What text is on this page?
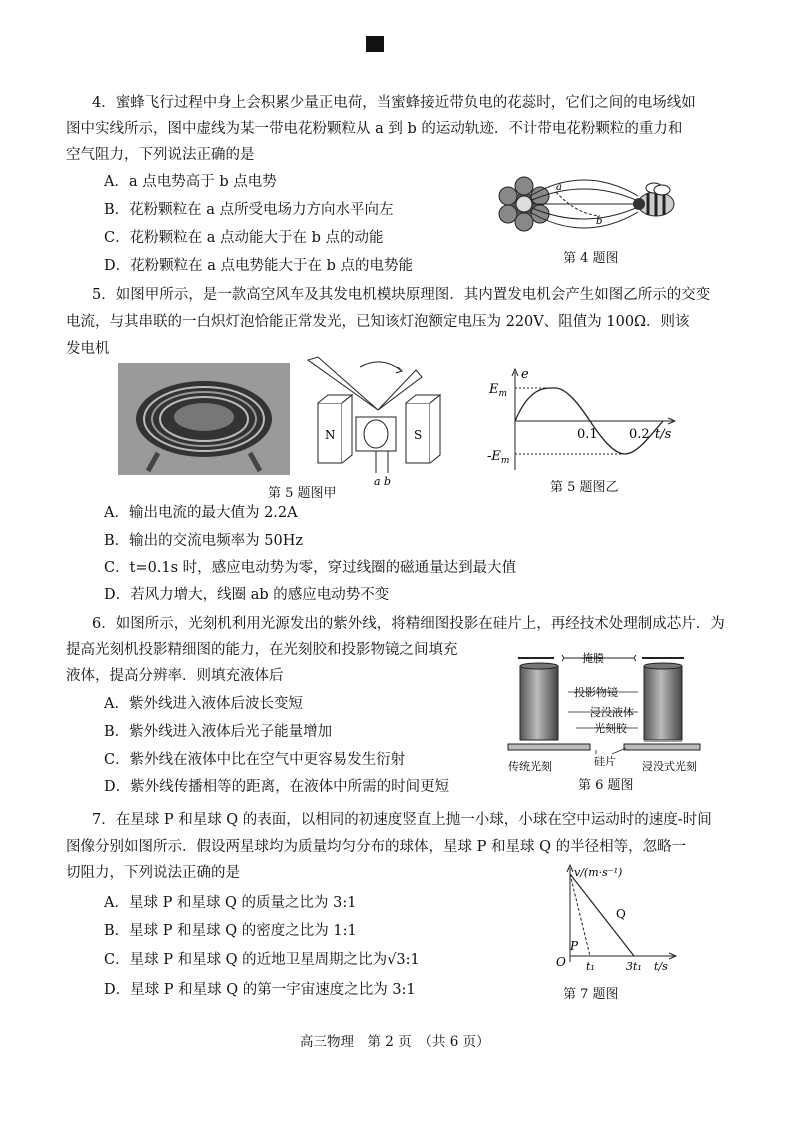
4．蜜蜂飞行过程中身上会积累少量正电荷，当蜜蜂接近带负电的花蕊时，它们之间的电场线如
图中实线所示，图中虚线为某一带电花粉颗粒从 a 到 b 的运动轨迹．不计带电花粉颗粒的重力和
空气阻力，下列说法正确的是
A．a 点电势高于 b 点电势
B．花粉颗粒在 a 点所受电场力方向水平向左
C．花粉颗粒在 a 点动能大于在 b 点的动能
D．花粉颗粒在 a 点电势能大于在 b 点的电势能
a
b
第 4 题图
5．如图甲所示，是一款高空风车及其发电机模块原理图．其内置发电机会产生如图乙所示的交变
电流，与其串联的一白炽灯泡恰能正常发光，已知该灯泡额定电压为 220V、阻值为 100Ω．则该
发电机
N	S
a b
第 5 题图甲
e
$E_m$
$-E_m$
0.1 0.2 t/s
第 5 题图乙
A．输出电流的最大值为 2.2A
B．输出的交流电频率为 50Hz
C．t=0.1s 时，感应电动势为零，穿过线圈的磁通量达到最大值
D．若风力增大，线圈 ab 的感应电动势不变
6．如图所示，光刻机利用光源发出的紫外线，将精细图投影在硅片上，再经技术处理制成芯片．为
提高光刻机投影精细图的能力，在光刻胶和投影物镜之间填充
液体，提高分辨率．则填充液体后
A．紫外线进入液体后波长变短
B．紫外线进入液体后光子能量增加
C．紫外线在液体中比在空气中更容易发生衍射
D．紫外线传播相等的距离，在液体中所需的时间更短
掩膜
投影物镜
浸没液体
光刻胶
硅片
传统光刻	浸没式光刻
第 6 题图
7．在星球 P 和星球 Q 的表面，以相同的初速度竖直上抛一小球，小球在空中运动时的速度-时间
图像分别如图所示．假设两星球均为质量均匀分布的球体，星球 P 和星球 Q 的半径相等，忽略一
切阻力，下列说法正确的是
A．星球 P 和星球 Q 的质量之比为 3:1
B．星球 P 和星球 Q 的密度之比为 1:1
C．星球 P 和星球 Q 的近地卫星周期之比为√3:1
D．星球 P 和星球 Q 的第一宇宙速度之比为 3:1
v/(m·s⁻¹)
Q
P
O t₁	3t₁ t/s
第 7 题图
高三物理　第 2 页　（共 6 页）
